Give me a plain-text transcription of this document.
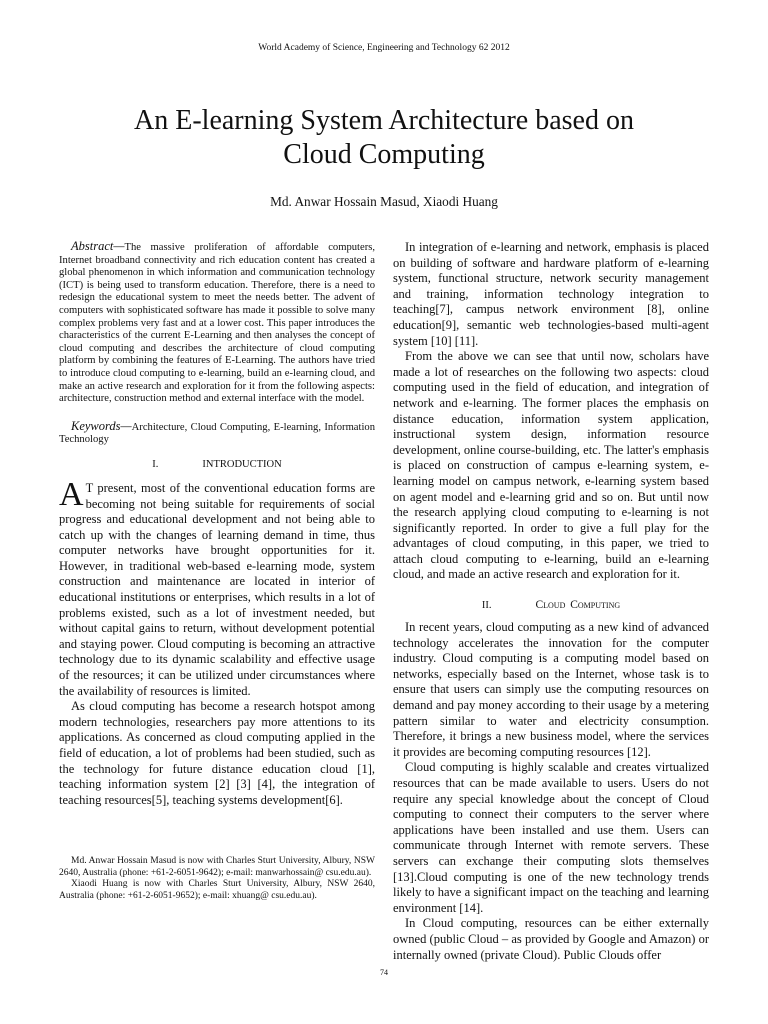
World Academy of Science, Engineering and Technology 62 2012
An E-learning System Architecture based on
Cloud Computing
Md. Anwar Hossain Masud, Xiaodi Huang
Abstract—The massive proliferation of affordable computers, Internet broadband connectivity and rich education content has created a global phenomenon in which information and communication technology (ICT) is being used to transform education. Therefore, there is a need to redesign the educational system to meet the needs better. The advent of computers with sophisticated software has made it possible to solve many complex problems very fast and at a lower cost. This paper introduces the characteristics of the current E-Learning and then analyses the concept of cloud computing and describes the architecture of cloud computing platform by combining the features of E-Learning. The authors have tried to introduce cloud computing to e-learning, build an e-learning cloud, and make an active research and exploration for it from the following aspects: architecture, construction method and external interface with the model.
Keywords—Architecture, Cloud Computing, E-learning, Information Technology
I.	INTRODUCTION

A T present, most of the conventional education forms are becoming not being suitable for requirements of social progress and educational development and not being able to catch up with the changes of learning demand in time, thus computer networks have brought opportunities for it. However, in traditional web-based e-learning mode, system construction and maintenance are located in interior of educational institutions or enterprises, which results in a lot of problems existed, such as a lot of investment needed, but without capital gains to return, without development potential and staying power. Cloud computing is becoming an attractive technology due to its dynamic scalability and effective usage of the resources; it can be utilized under circumstances where the availability of resources is limited.

As cloud computing has become a research hotspot among modern technologies, researchers pay more attentions to its applications. As concerned as cloud computing applied in the field of education, a lot of problems had been studied, such as the technology for future distance education cloud [1], teaching information system [2] [3] [4], the integration of teaching resources[5], teaching systems development[6].

Md. Anwar Hossain Masud is now with Charles Sturt University, Albury, NSW 2640, Australia (phone: +61-2-6051-9642); e-mail: manwarhossain@ csu.edu.au).

Xiaodi Huang is now with Charles Sturt University, Albury, NSW 2640, Australia (phone: +61-2-6051-9652); e-mail: xhuang@ csu.edu.au).

In integration of e-learning and network, emphasis is placed on building of software and hardware platform of e-learning system, functional structure, network security management and training, information technology integration to teaching[7], campus network environment [8], online education[9], semantic web technologies-based multi-agent system [10] [11].

From the above we can see that until now, scholars have made a lot of researches on the following two aspects: cloud computing used in the field of education, and integration of network and e-learning. The former places the emphasis on distance education, information system application, instructional system design, information resource development, online course-building, etc. The latter's emphasis is placed on construction of campus e-learning system, e-learning model on campus network, e-learning system based on agent model and e-learning grid and so on. But until now the research applying cloud computing to e-learning is not significantly reported. In order to give a full play for the advantages of cloud computing, in this paper, we tried to attach cloud computing to e-learning, build an e-learning cloud, and made an active research and exploration for it.

II.	Cloud Computing

In recent years, cloud computing as a new kind of advanced technology accelerates the innovation for the computer industry. Cloud computing is a computing model based on networks, especially based on the Internet, whose task is to ensure that users can simply use the computing resources on demand and pay money according to their usage by a metering pattern similar to water and electricity consumption. Therefore, it brings a new business model, where the services it provides are becoming computing resources [12].

Cloud computing is highly scalable and creates virtualized resources that can be made available to users. Users do not require any special knowledge about the concept of Cloud computing to connect their computers to the server where applications have been installed and use them. Users can communicate through Internet with remote servers. These servers can exchange their computing slots themselves [13].Cloud computing is one of the new technology trends likely to have a significant impact on the teaching and learning environment [14].

In Cloud computing, resources can be either externally owned (public Cloud – as provided by Google and Amazon) or internally owned (private Cloud). Public Clouds offer

74
